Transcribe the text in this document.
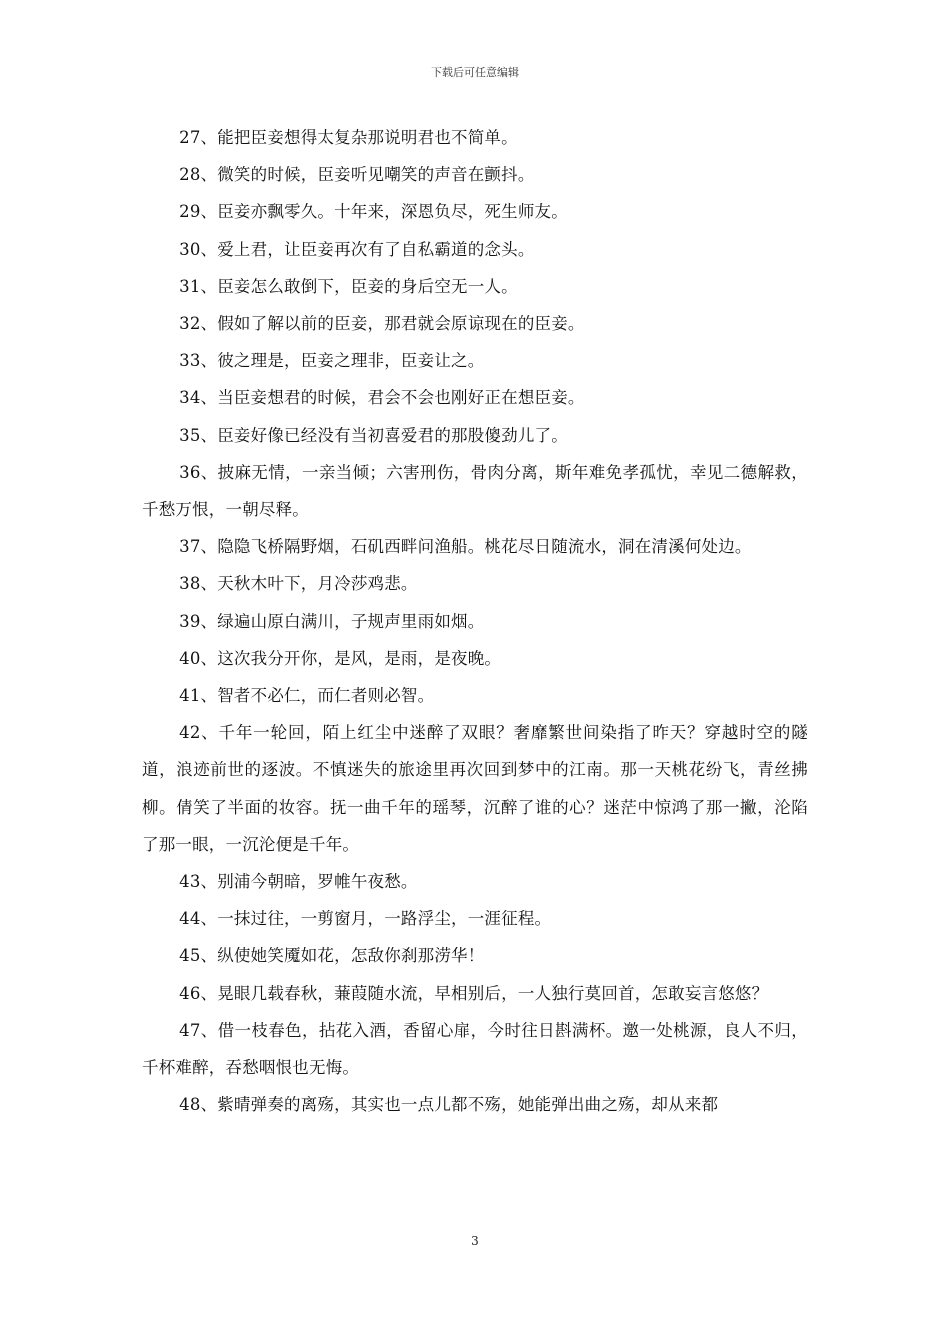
下载后可任意编辑

27、能把臣妾想得太复杂那说明君也不简单。

28、微笑的时候，臣妾听见嘲笑的声音在颤抖。

29、臣妾亦飘零久。十年来，深恩负尽，死生师友。

30、爱上君，让臣妾再次有了自私霸道的念头。

31、臣妾怎么敢倒下，臣妾的身后空无一人。

32、假如了解以前的臣妾，那君就会原谅现在的臣妾。

33、彼之理是，臣妾之理非，臣妾让之。

34、当臣妾想君的时候，君会不会也刚好正在想臣妾。

35、臣妾好像已经没有当初喜爱君的那股傻劲儿了。

36、披麻无情，一亲当倾；六害刑伤，骨肉分离，斯年难免孝孤忧，幸见二德解救，千愁万恨，一朝尽释。

37、隐隐飞桥隔野烟，石矶西畔问渔船。桃花尽日随流水，洞在清溪何处边。

38、天秋木叶下，月冷莎鸡悲。

39、绿遍山原白满川，子规声里雨如烟。

40、这次我分开你，是风，是雨，是夜晚。

41、智者不必仁，而仁者则必智。

42、千年一轮回，陌上红尘中迷醉了双眼？奢靡繁世间染指了昨天？穿越时空的隧道，浪迹前世的逐波。不慎迷失的旅途里再次回到梦中的江南。那一天桃花纷飞，青丝拂柳。倩笑了半面的妆容。抚一曲千年的瑶琴，沉醉了谁的心？迷茫中惊鸿了那一撇，沦陷了那一眼，一沉沦便是千年。

43、别浦今朝暗，罗帷午夜愁。

44、一抹过往，一剪窗月，一路浮尘，一涯征程。

45、纵使她笑魇如花，怎敌你刹那涝华！

46、晃眼几载春秋，蒹葭随水流，早相别后，一人独行莫回首，怎敢妄言悠悠？

47、借一枝春色，拈花入酒，香留心扉，今时往日斟满杯。邀一处桃源，良人不归，千杯难醉，吞愁咽恨也无悔。

48、紫晴弹奏的离殇，其实也一点儿都不殇，她能弹出曲之殇，却从来都

3
